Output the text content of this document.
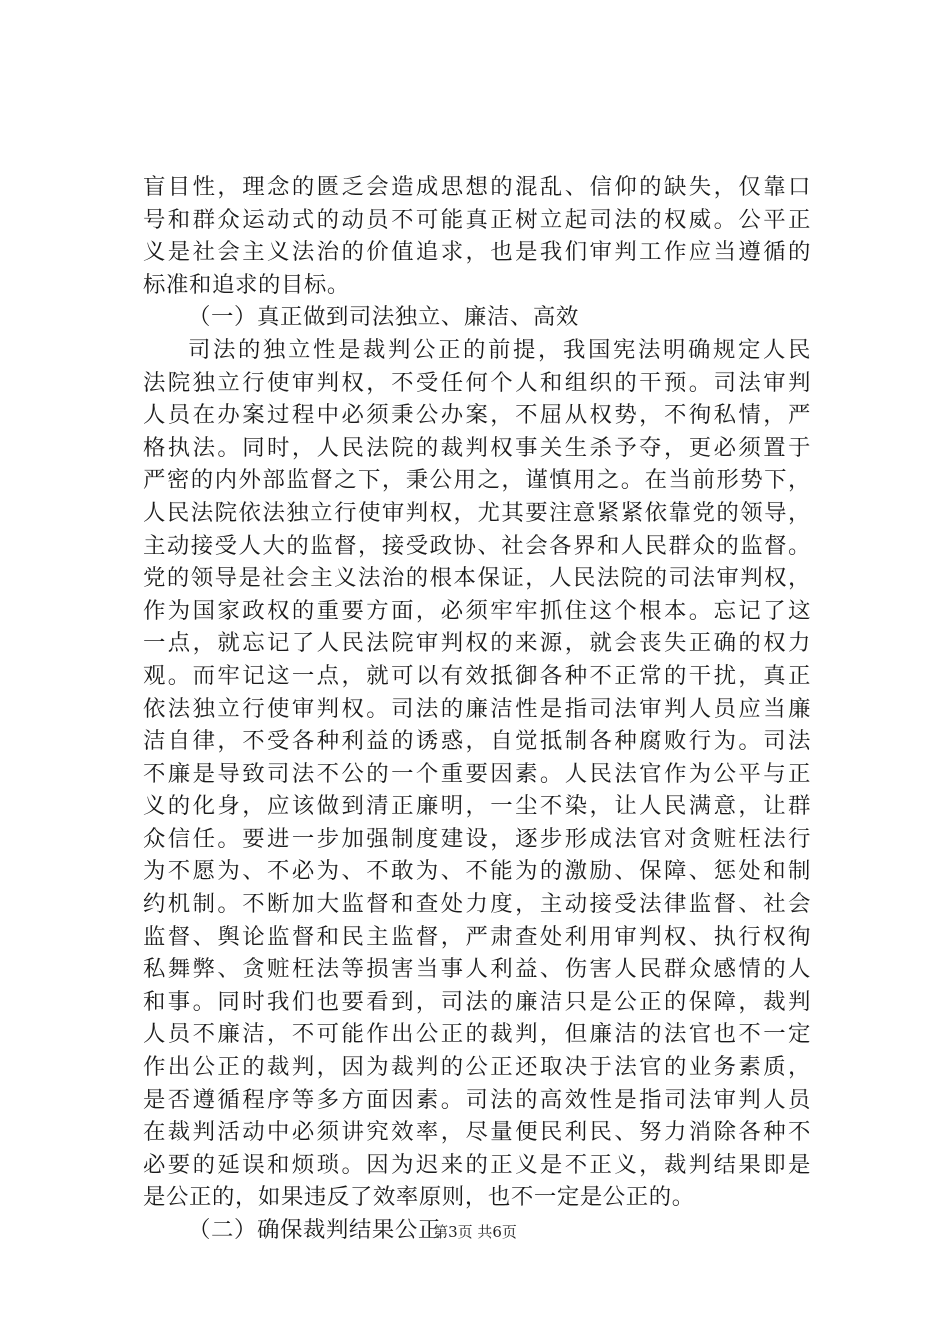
盲目性，理念的匮乏会造成思想的混乱、信仰的缺失，仅靠口
号和群众运动式的动员不可能真正树立起司法的权威。公平正
义是社会主义法治的价值追求，也是我们审判工作应当遵循的
标准和追求的目标。
（一）真正做到司法独立、廉洁、高效
司法的独立性是裁判公正的前提，我国宪法明确规定人民
法院独立行使审判权，不受任何个人和组织的干预。司法审判
人员在办案过程中必须秉公办案，不屈从权势，不徇私情，严
格执法。同时，人民法院的裁判权事关生杀予夺，更必须置于
严密的内外部监督之下，秉公用之，谨慎用之。在当前形势下，
人民法院依法独立行使审判权，尤其要注意紧紧依靠党的领导，
主动接受人大的监督，接受政协、社会各界和人民群众的监督。
党的领导是社会主义法治的根本保证，人民法院的司法审判权，
作为国家政权的重要方面，必须牢牢抓住这个根本。忘记了这
一点，就忘记了人民法院审判权的来源，就会丧失正确的权力
观。而牢记这一点，就可以有效抵御各种不正常的干扰，真正
依法独立行使审判权。司法的廉洁性是指司法审判人员应当廉
洁自律，不受各种利益的诱惑，自觉抵制各种腐败行为。司法
不廉是导致司法不公的一个重要因素。人民法官作为公平与正
义的化身，应该做到清正廉明，一尘不染，让人民满意，让群
众信任。要进一步加强制度建设，逐步形成法官对贪赃枉法行
为不愿为、不必为、不敢为、不能为的激励、保障、惩处和制
约机制。不断加大监督和查处力度，主动接受法律监督、社会
监督、舆论监督和民主监督，严肃查处利用审判权、执行权徇
私舞弊、贪赃枉法等损害当事人利益、伤害人民群众感情的人
和事。同时我们也要看到，司法的廉洁只是公正的保障，裁判
人员不廉洁，不可能作出公正的裁判，但廉洁的法官也不一定
作出公正的裁判，因为裁判的公正还取决于法官的业务素质，
是否遵循程序等多方面因素。司法的高效性是指司法审判人员
在裁判活动中必须讲究效率，尽量便民利民、努力消除各种不
必要的延误和烦琐。因为迟来的正义是不正义，裁判结果即是
是公正的，如果违反了效率原则，也不一定是公正的。
（二）确保裁判结果公正
第3页 共6页
